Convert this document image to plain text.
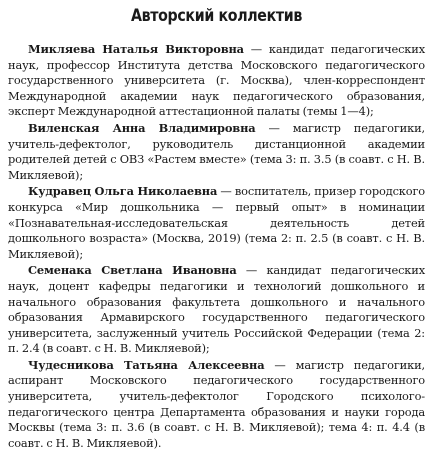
Авторский коллектив

Микляева Наталья Викторовна — кандидат педагогических наук, профессор Института детства Московского педагогического государственного университета (г. Москва), член-корреспондент Международной академии наук педагогического образования, эксперт Международной аттестационной палаты (темы 1—4);

Виленская Анна Владимировна — магистр педагогики, учитель-дефектолог, руководитель дистанционной академии родителей детей с ОВЗ «Растем вместе» (тема 3: п. 3.5 (в соавт. с Н. В. Микляевой);

Кудравец Ольга Николаевна — воспитатель, призер городского конкурса «Мир дошкольника — первый опыт» в номинации «Познавательная-исследовательская деятельность детей дошкольного возраста» (Москва, 2019) (тема 2: п. 2.5 (в соавт. с Н. В. Микляевой);

Семенака Светлана Ивановна — кандидат педагогических наук, доцент кафедры педагогики и технологий дошкольного и начального образования факультета дошкольного и начального образования Армавирского государственного педагогического университета, заслуженный учитель Российской Федерации (тема 2: п. 2.4 (в соавт. с Н. В. Микляевой);

Чудесникова Татьяна Алексеевна — магистр педагогики, аспирант Московского педагогического государственного университета, учитель-дефектолог Городского психолого-педагогического центра Департамента образования и науки города Москвы (тема 3: п. 3.6 (в соавт. с Н. В. Микляевой); тема 4: п. 4.4 (в соавт. с Н. В. Микляевой).
